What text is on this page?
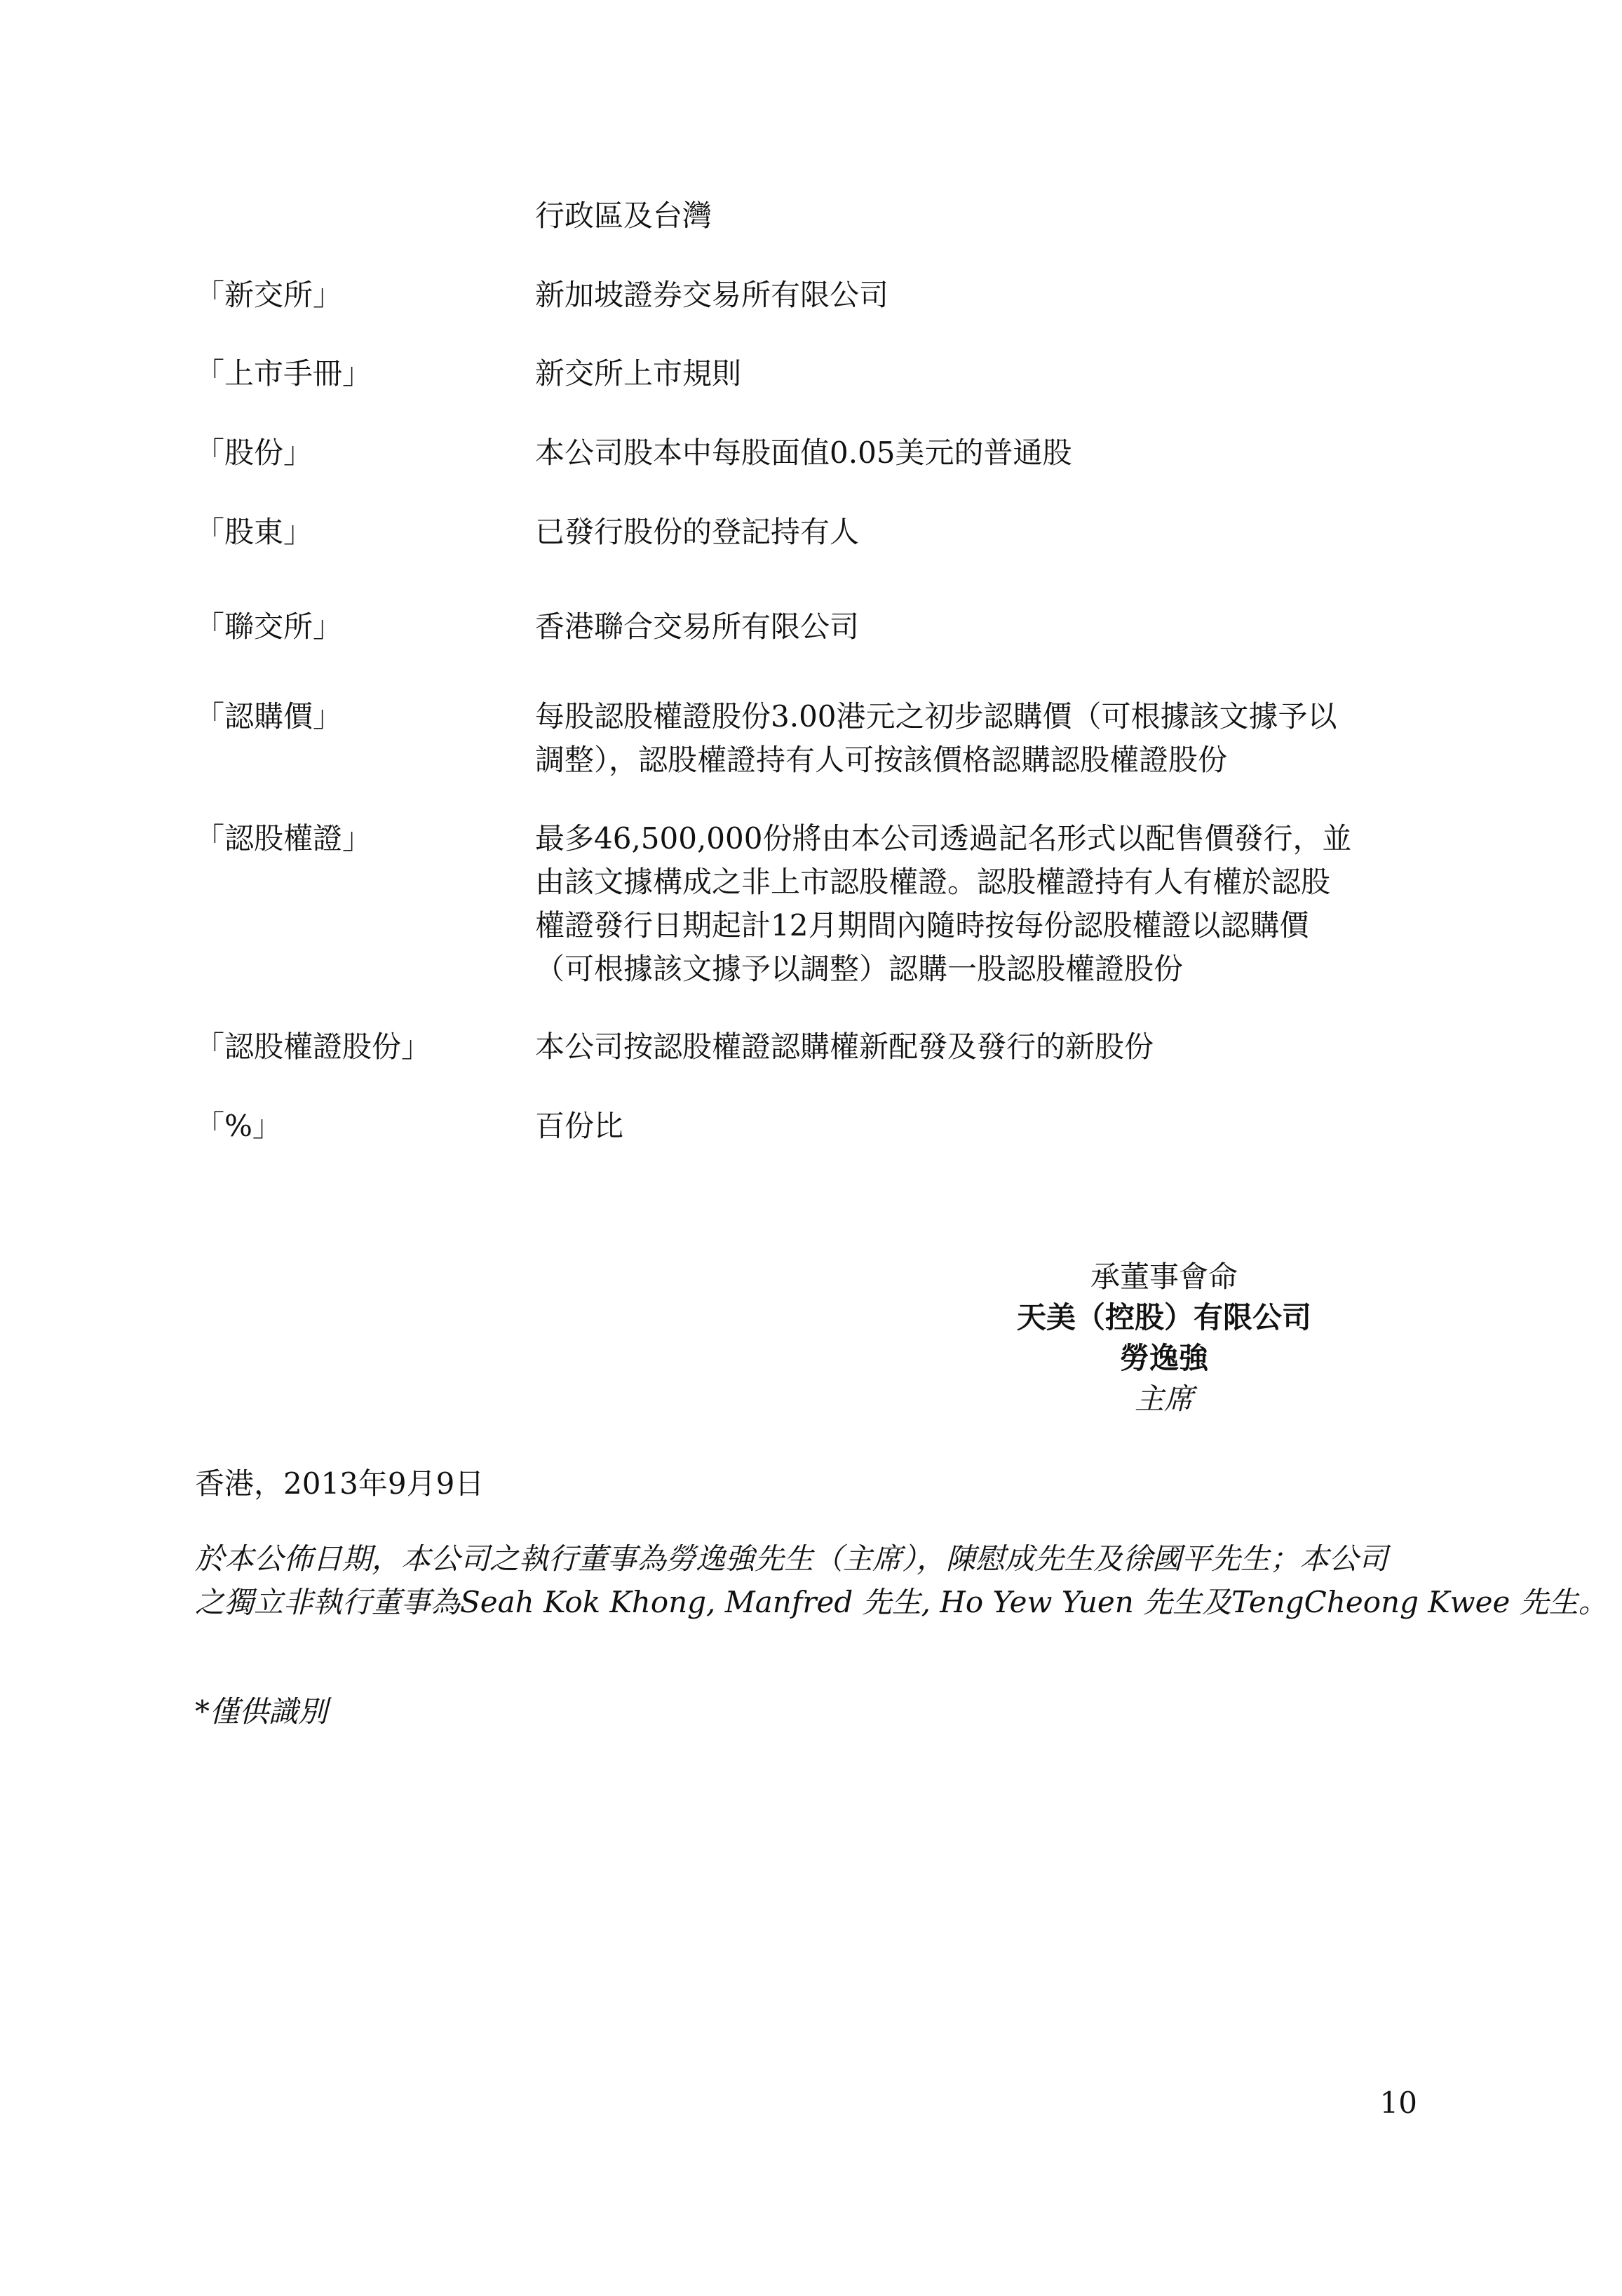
行政區及台灣
「新交所」	新加坡證券交易所有限公司
「上市手冊」	新交所上市規則
「股份」	本公司股本中每股面值0.05美元的普通股
「股東」	已發行股份的登記持有人
「聯交所」	香港聯合交易所有限公司
「認購價」	每股認股權證股份3.00港元之初步認購價（可根據該文據予以
調整），認股權證持有人可按該價格認購認股權證股份
「認股權證」	最多46,500,000份將由本公司透過記名形式以配售價發行，並
由該文據構成之非上市認股權證。認股權證持有人有權於認股
權證發行日期起計12月期間內隨時按每份認股權證以認購價
（可根據該文據予以調整）認購一股認股權證股份
「認股權證股份」	本公司按認股權證認購權新配發及發行的新股份
「%」	百份比
承董事會命
天美（控股）有限公司
勞逸強
主席
香港，2013年9月9日
於本公佈日期，本公司之執行董事為勞逸強先生（主席），陳慰成先生及徐國平先生；本公司
之獨立非執行董事為Seah Kok Khong, Manfred 先生, Ho Yew Yuen 先生及TengCheong Kwee 先生。
*僅供識別
10
